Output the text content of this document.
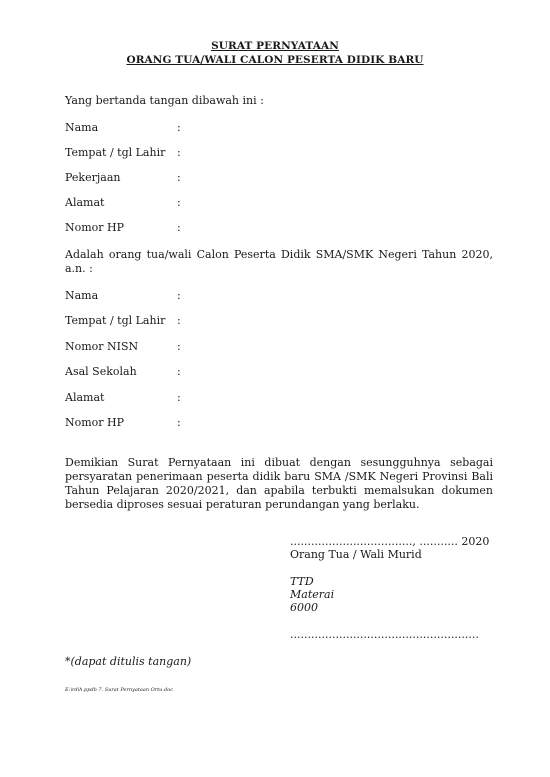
SURAT PERNYATAAN
ORANG TUA/WALI CALON PESERTA DIDIK BARU
Yang bertanda tangan dibawah ini :
Nama	:
Tempat / tgl Lahir :
Pekerjaan	:
Alamat	:
Nomor HP	:
Adalah orang tua/wali Calon Peserta Didik SMA/SMK Negeri Tahun 2020, a.n. :
Nama	:
Tempat / tgl Lahir :
Nomor NISN	:
Asal Sekolah	:
Alamat	:
Nomor HP	:
Demikian Surat Pernyataan ini dibuat dengan sesungguhnya sebagai persyaratan penerimaan peserta didik baru SMA /SMK Negeri Provinsi Bali Tahun Pelajaran 2020/2021, dan apabila terbukti memalsukan dokumen bersedia diproses sesuai peraturan perundangan yang berlaku.
..................................., ........... 2020
Orang Tua / Wali Murid
TTD
Materai
6000
......................................................
*(dapat ditulis tangan)
E:\rdih.ppdb 7. Surat Pernyataan Ortu.doc
